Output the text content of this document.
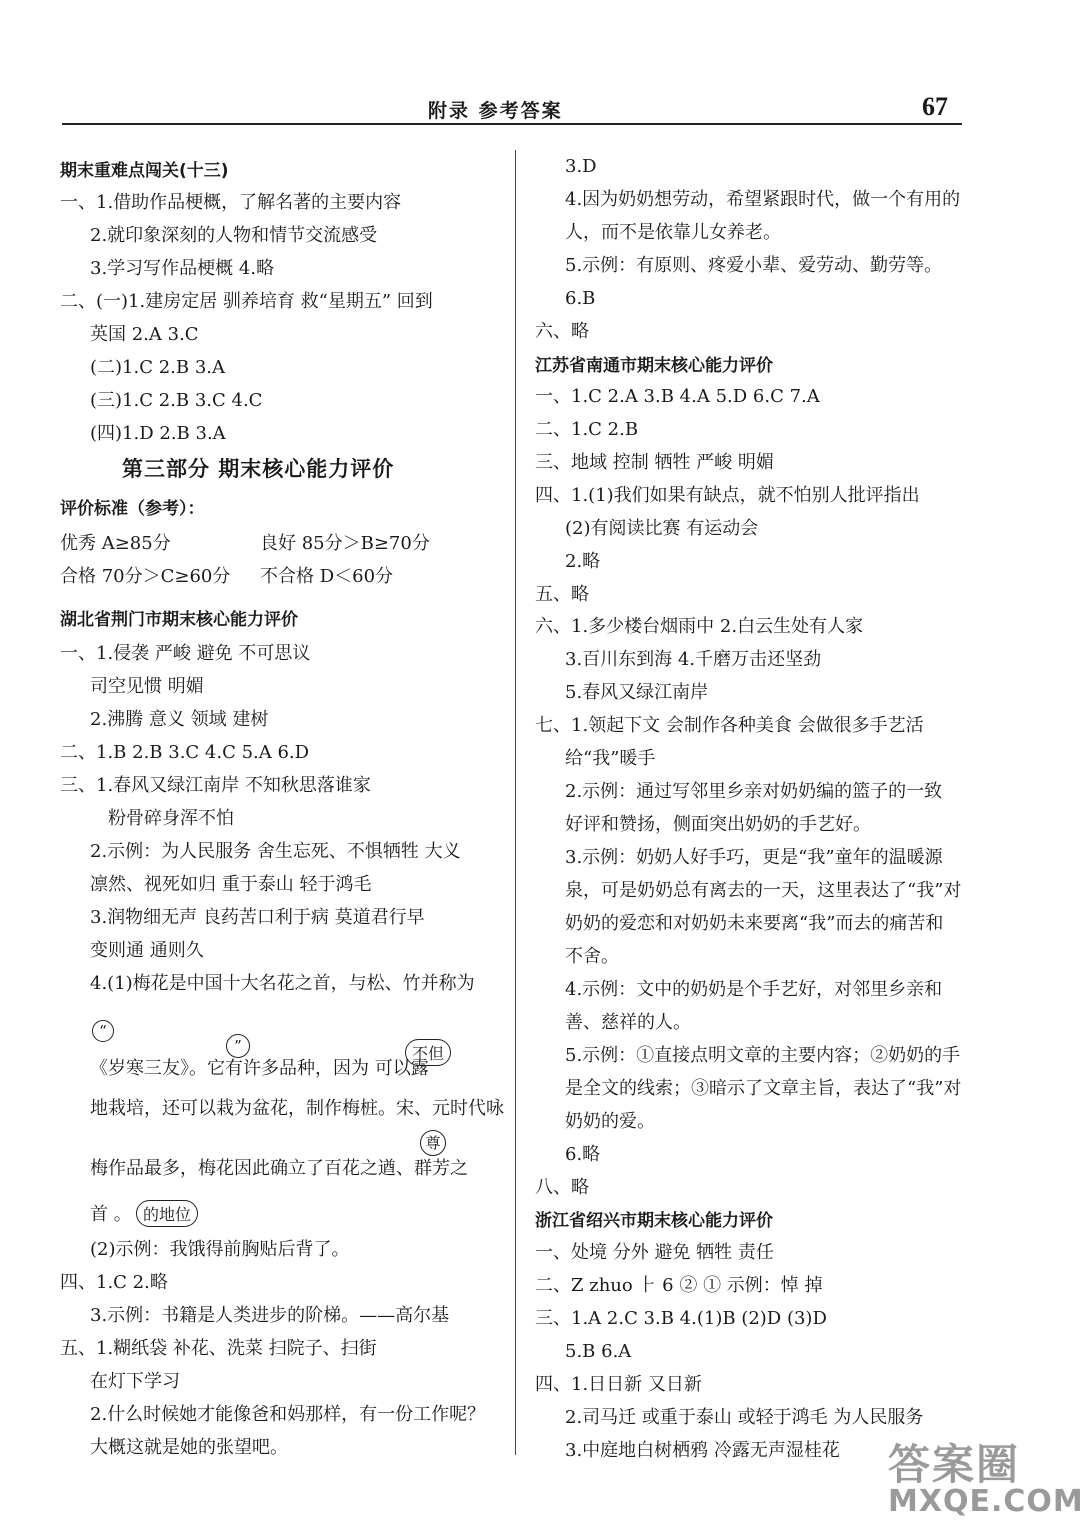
附录 参考答案	67
期末重难点闯关(十三)
一、1.借助作品梗概，了解名著的主要内容
2.就印象深刻的人物和情节交流感受
3.学习写作品梗概 4.略
二、(一)1.建房定居 驯养培育 救“星期五” 回到
英国 2.A 3.C
(二)1.C 2.B 3.A
(三)1.C 2.B 3.C 4.C
(四)1.D 2.B 3.A
第三部分 期末核心能力评价
评价标准（参考）：
优秀 A≥85分	良好 85分＞B≥70分
合格 70分＞C≥60分 不合格 D＜60分
湖北省荆门市期末核心能力评价
一、1.侵袭 严峻 避免 不可思议
司空见惯 明媚
2.沸腾 意义 领域 建树
二、1.B 2.B 3.C 4.C 5.A 6.D
三、1.春风又绿江南岸 不知秋思落谁家
粉骨碎身浑不怕
2.示例：为人民服务 舍生忘死、不惧牺牲 大义
凛然、视死如归 重于泰山 轻于鸿毛
3.润物细无声 良药苦口利于病 莫道君行早
变则通 通则久
4.(1)梅花是中国十大名花之首，与松、竹并称为
“
”	不但
《岁寒三友》。它有许多品种，因为 可以露
地栽培，还可以栽为盆花，制作梅桩。宋、元时代咏
尊
梅作品最多，梅花因此确立了百花之遒、群芳之
首 。 的地位
(2)示例：我饿得前胸贴后背了。
四、1.C 2.略
3.示例：书籍是人类进步的阶梯。——高尔基
五、1.糊纸袋 补花、洗菜 扫院子、扫街
在灯下学习
2.什么时候她才能像爸和妈那样，有一份工作呢？
大概这就是她的张望吧。
3.D
4.因为奶奶想劳动，希望紧跟时代，做一个有用的
人，而不是依靠儿女养老。
5.示例：有原则、疼爱小辈、爱劳动、勤劳等。
6.B
六、略
江苏省南通市期末核心能力评价
一、1.C 2.A 3.B 4.A 5.D 6.C 7.A
二、1.C 2.B
三、地域 控制 牺牲 严峻 明媚
四、1.(1)我们如果有缺点，就不怕别人批评指出
(2)有阅读比赛 有运动会
2.略
五、略
六、1.多少楼台烟雨中 2.白云生处有人家
3.百川东到海 4.千磨万击还坚劲
5.春风又绿江南岸
七、1.领起下文 会制作各种美食 会做很多手艺活
给“我”暖手
2.示例：通过写邻里乡亲对奶奶编的篮子的一致
好评和赞扬，侧面突出奶奶的手艺好。
3.示例：奶奶人好手巧，更是“我”童年的温暖源
泉，可是奶奶总有离去的一天，这里表达了“我”对
奶奶的爱恋和对奶奶未来要离“我”而去的痛苦和
不舍。
4.示例：文中的奶奶是个手艺好，对邻里乡亲和
善、慈祥的人。
5.示例：①直接点明文章的主要内容；②奶奶的手
是全文的线索；③暗示了文章主旨，表达了“我”对
奶奶的爱。
6.略
八、略
浙江省绍兴市期末核心能力评价
一、处境 分外 避免 牺牲 责任
二、Z zhuo ⺊ 6 ② ① 示例：悼 掉
三、1.A 2.C 3.B 4.(1)B (2)D (3)D
5.B 6.A
四、1.日日新 又日新
2.司马迁 或重于泰山 或轻于鸿毛 为人民服务
3.中庭地白树栖鸦 冷露无声湿桂花 答案圈
MXQE.COM
